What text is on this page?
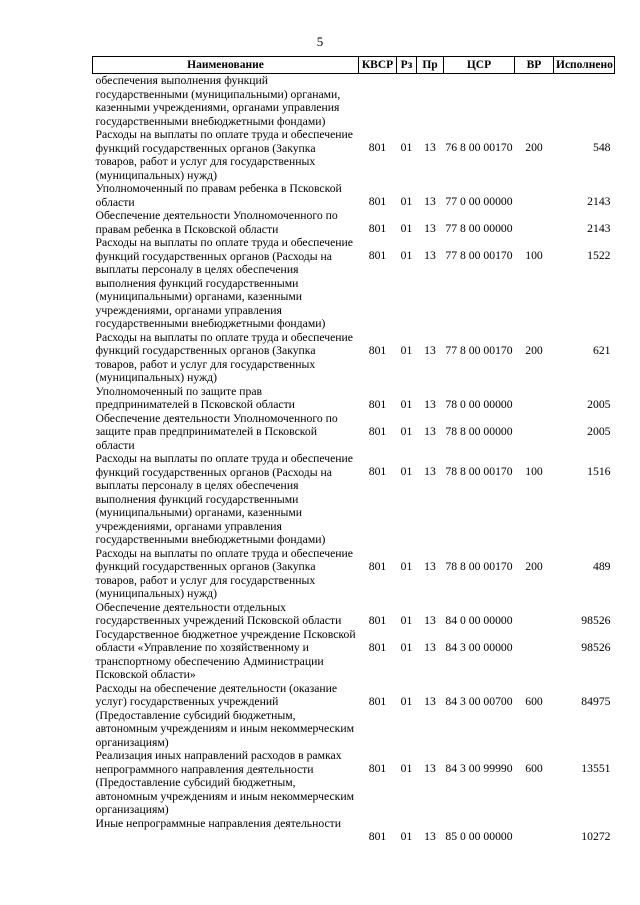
5
Наименование	КВСР	Рз	Пр	ЦСР	ВР	Исполнено
обеспечения выполнения функций государственными (муниципальными) органами, казенными учреждениями, органами управления государственными внебюджетными фондами)						
Расходы на выплаты по оплате труда и обеспечение функций государственных органов (Закупка товаров, работ и услуг для государственных (муниципальных) нужд)	801	01	13	76 8 00 00170	200	548
Уполномоченный по правам ребенка в Псковской области	801	01	13	77 0 00 00000		2143
Обеспечение деятельности Уполномоченного по правам ребенка в Псковской области	801	01	13	77 8 00 00000		2143
Расходы на выплаты по оплате труда и обеспечение функций государственных органов (Расходы на выплаты персоналу в целях обеспечения выполнения функций государственными (муниципальными) органами, казенными учреждениями, органами управления государственными внебюджетными фондами)	801	01	13	77 8 00 00170	100	1522
Расходы на выплаты по оплате труда и обеспечение функций государственных органов (Закупка товаров, работ и услуг для государственных (муниципальных) нужд)	801	01	13	77 8 00 00170	200	621
Уполномоченный по защите прав предпринимателей в Псковской области	801	01	13	78 0 00 00000		2005
Обеспечение деятельности Уполномоченного по защите прав предпринимателей в Псковской области	801	01	13	78 8 00 00000		2005
Расходы на выплаты по оплате труда и обеспечение функций государственных органов (Расходы на выплаты персоналу в целях обеспечения выполнения функций государственными (муниципальными) органами, казенными учреждениями, органами управления государственными внебюджетными фондами)	801	01	13	78 8 00 00170	100	1516
Расходы на выплаты по оплате труда и обеспечение функций государственных органов (Закупка товаров, работ и услуг для государственных (муниципальных) нужд)	801	01	13	78 8 00 00170	200	489
Обеспечение деятельности отдельных государственных учреждений Псковской области	801	01	13	84 0 00 00000		98526
Государственное бюджетное учреждение Псковской области «Управление по хозяйственному и транспортному обеспечению Администрации Псковской области»	801	01	13	84 3 00 00000		98526
Расходы на обеспечение деятельности (оказание услуг) государственных учреждений (Предоставление субсидий бюджетным, автономным учреждениям и иным некоммерческим организациям)	801	01	13	84 3 00 00700	600	84975
Реализация иных направлений расходов в рамках непрограммного направления деятельности (Предоставление субсидий бюджетным, автономным учреждениям и иным некоммерческим организациям)	801	01	13	84 3 00 99990	600	13551
Иные непрограммные направления деятельности	801	01	13	85 0 00 00000		10272
